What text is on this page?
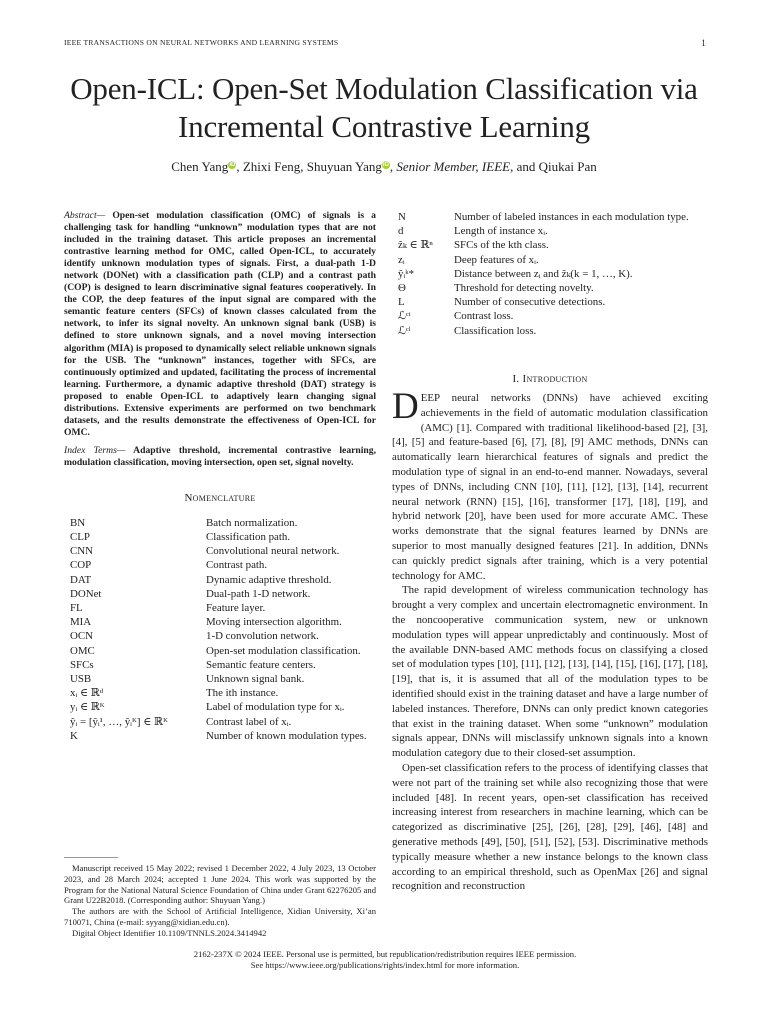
IEEE TRANSACTIONS ON NEURAL NETWORKS AND LEARNING SYSTEMS	1
Open-ICL: Open-Set Modulation Classification via Incremental Contrastive Learning
Chen YangiD, Zhixi Feng, Shuyuan YangiD, Senior Member, IEEE, and Qiukai Pan
Abstract— Open-set modulation classification (OMC) of signals is a challenging task for handling “unknown” modulation types that are not included in the training dataset. This article proposes an incremental contrastive learning method for OMC, called Open-ICL, to accurately identify unknown modulation types of signals. First, a dual-path 1-D network (DONet) with a classification path (CLP) and a contrast path (COP) is designed to learn discriminative signal features cooperatively. In the COP, the deep features of the input signal are compared with the semantic feature centers (SFCs) of known classes calculated from the network, to infer its signal novelty. An unknown signal bank (USB) is defined to store unknown signals, and a novel moving intersection algorithm (MIA) is proposed to dynamically select reliable unknown signals for the USB. The “unknown” instances, together with SFCs, are continuously optimized and updated, facilitating the process of incremental learning. Furthermore, a dynamic adaptive threshold (DAT) strategy is proposed to enable Open-ICL to adaptively learn changing signal distributions. Extensive experiments are performed on two benchmark datasets, and the results demonstrate the effectiveness of Open-ICL for OMC.
Index Terms— Adaptive threshold, incremental contrastive learning, modulation classification, moving intersection, open set, signal novelty.
Nomenclature
BN	Batch normalization.
CLP	Classification path.
CNN	Convolutional neural network.
COP	Contrast path.
DAT	Dynamic adaptive threshold.
DONet	Dual-path 1-D network.
FL	Feature layer.
MIA	Moving intersection algorithm.
OCN	1-D convolution network.
OMC	Open-set modulation classification.
SFCs	Semantic feature centers.
USB	Unknown signal bank.
xᵢ ∈ ℝᵈ	The ith instance.
yᵢ ∈ ℝᴷ	Label of modulation type for xᵢ.
ŷᵢ = [ŷᵢ¹, …, ŷᵢᴷ] ∈ ℝᴷ	Contrast label of xᵢ.
K	Number of known modulation types.

Manuscript received 15 May 2022; revised 1 December 2022, 4 July 2023, 13 October 2023, and 28 March 2024; accepted 1 June 2024. This work was supported by the Program for the National Natural Science Foundation of China under Grant 62276205 and Grant U22B2018. (Corresponding author: Shuyuan Yang.)

The authors are with the School of Artificial Intelligence, Xidian University, Xi’an 710071, China (e-mail: syyang@xidian.edu.cn).

Digital Object Identifier 10.1109/TNNLS.2024.3414942

N	Number of labeled instances in each modulation type.
d	Length of instance xᵢ.
z̃ₖ ∈ ℝⁿ	SFCs of the kth class.
zᵢ	Deep features of xᵢ.
ŷᵢᵏ*	Distance between zᵢ and z̃ₖ(k = 1, …, K).
Θ	Threshold for detecting novelty.
L	Number of consecutive detections.
ℒᶜᵗ	Contrast loss.
ℒᶜˡ	Classification loss.
I. Introduction

DEEP neural networks (DNNs) have achieved exciting achievements in the field of automatic modulation classification (AMC) [1]. Compared with traditional likelihood-based [2], [3], [4], [5] and feature-based [6], [7], [8], [9] AMC methods, DNNs can automatically learn hierarchical features of signals and predict the modulation type of signal in an end-to-end manner. Nowadays, several types of DNNs, including CNN [10], [11], [12], [13], [14], recurrent neural network (RNN) [15], [16], transformer [17], [18], [19], and hybrid network [20], have been used for more accurate AMC. These works demonstrate that the signal features learned by DNNs are superior to most manually designed features [21]. In addition, DNNs can quickly predict signals after training, which is a very potential technology for AMC.

The rapid development of wireless communication technology has brought a very complex and uncertain electromagnetic environment. In the noncooperative communication system, new or unknown modulation types will appear unpredictably and continuously. Most of the available DNN-based AMC methods focus on classifying a closed set of modulation types [10], [11], [12], [13], [14], [15], [16], [17], [18], [19], that is, it is assumed that all of the modulation types to be identified should exist in the training dataset and have a large number of labeled instances. Therefore, DNNs can only predict known categories that exist in the training dataset. When some “unknown” modulation signals appear, DNNs will misclassify unknown signals into a known modulation category due to their closed-set assumption.

Open-set classification refers to the process of identifying classes that were not part of the training set while also recognizing those that were included [48]. In recent years, open-set classification has received increasing interest from researchers in machine learning, which can be categorized as discriminative [25], [26], [28], [29], [46], [48] and generative methods [49], [50], [51], [52], [53]. Discriminative methods typically measure whether a new instance belongs to the known class according to an empirical threshold, such as OpenMax [26] and signal recognition and reconstruction

2162-237X © 2024 IEEE. Personal use is permitted, but republication/redistribution requires IEEE permission.
See https://www.ieee.org/publications/rights/index.html for more information.
